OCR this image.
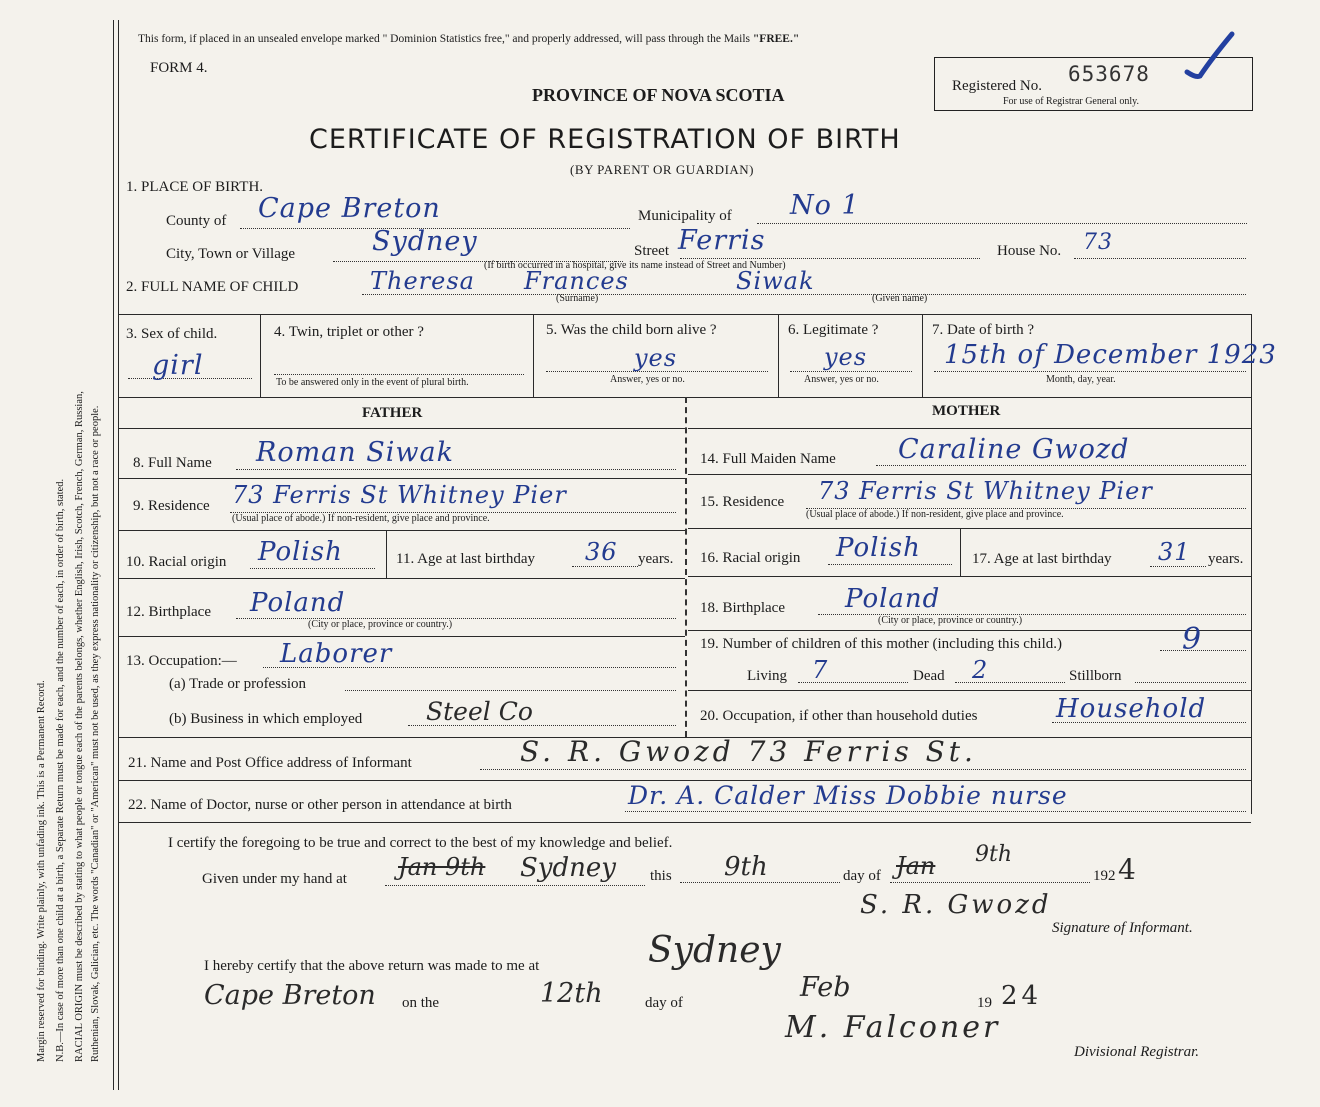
Margin reserved for binding. Write plainly, with unfading ink. This is a Permanent Record. N.B.—In case of more than one child at a birth, a Separate Return must be made for each, and the number of each, in order of birth, stated. RACIAL ORIGIN must be described by stating to what people or tongue each of the parents belongs, whether English, Irish, Scotch, French, German, Russian, Ruthenian, Slovak, Galician, etc. The words "Canadian" or "American" must not be used, as they express nationality or citizenship, but not a race or people.
This form, if placed in an unsealed envelope marked " Dominion Statistics free," and properly addressed, will pass through the Mails "FREE."
FORM 4.
Registered No. 653678
For use of Registrar General only.
PROVINCE OF NOVA SCOTIA
CERTIFICATE OF REGISTRATION OF BIRTH
(BY PARENT OR GUARDIAN)
1. PLACE OF BIRTH.
County of Cape Breton	Municipality of No 1
City, Town or Village	Sydney	Street Ferris	House No. 73
(If birth occurred in a hospital, give its name instead of Street and Number)
2. FULL NAME OF CHILD	Theresa Frances	Siwak
(Surname)	(Given name)
3. Sex of child.
girl
4. Twin, triplet or other ?
To be answered only in the event of plural birth.
5. Was the child born alive ?
yes
Answer, yes or no.
6. Legitimate ?
yes
Answer, yes or no.
7. Date of birth ?
15th of December 1923
Month, day, year.
FATHER	MOTHER
8. Full Name Roman Siwak
9. Residence 73 Ferris St Whitney Pier
(Usual place of abode.) If non-resident, give place and province.
10. Racial origin Polish	11. Age at last birthday 36 years.
12. Birthplace Poland
(City or place, province or country.)
13. Occupation:— Laborer
(a) Trade or profession
(b) Business in which employed	Steel Co
14. Full Maiden Name Caraline Gwozd
15. Residence 73 Ferris St Whitney Pier
(Usual place of abode.) If non-resident, give place and province.
16. Racial origin Polish	17. Age at last birthday 31 years.
18. Birthplace Poland
(City or place, province or country.)
19. Number of children of this mother (including this child.)	9
Living 7	Dead 2	Stillborn
20. Occupation, if other than household duties	Household
21. Name and Post Office address of Informant	S. R. Gwozd 73 Ferris St.
22. Name of Doctor, nurse or other person in attendance at birth	Dr. A. Calder Miss Dobbie nurse
I certify the foregoing to be true and correct to the best of my knowledge and belief.
Given under my hand at Jan 9th Sydney this 9th	day of Jan 9th
192 4
S. R. Gwozd
Signature of Informant.
I hereby certify that the above return was made to me at	Sydney
Cape Breton on the	12th	day of	Feb	19 24
M. Falconer
Divisional Registrar.
